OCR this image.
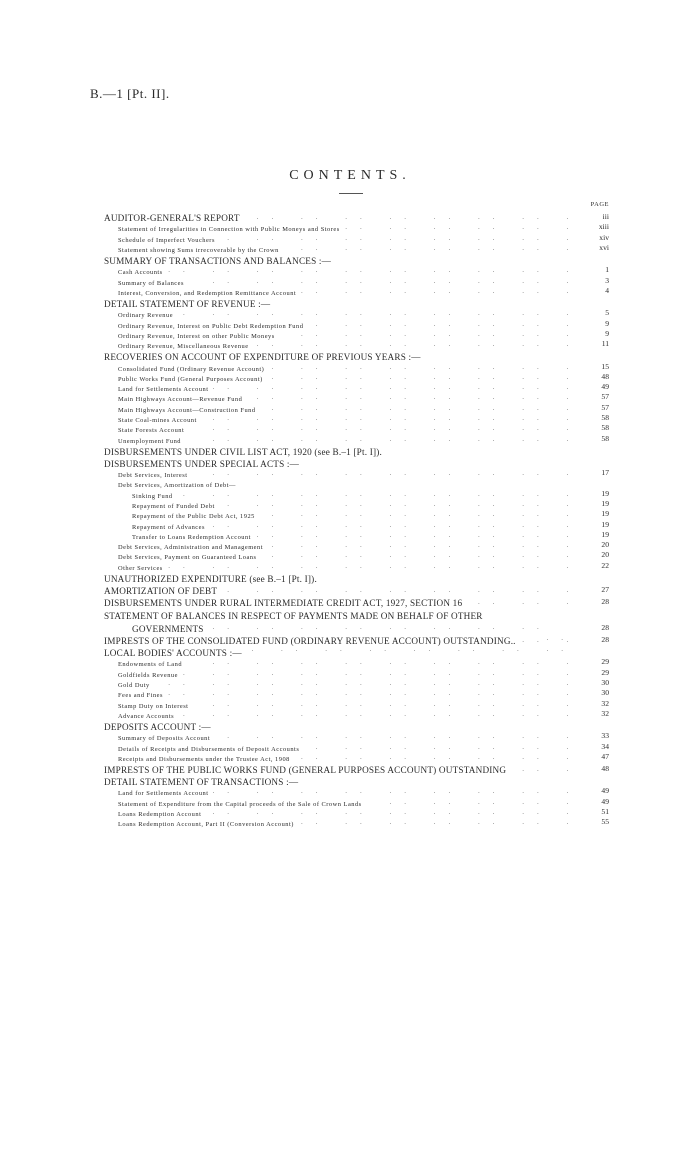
B.—1 [Pt. II].
CONTENTS.
PAGE
.. ..
AUDITOR-GENERAL'S REPORT	iii
.. ..
Statement of Irregularities in Connection with Public Moneys and Stores	xiii
.. ..
Schedule of Imperfect Vouchers	xiv
.. ..
Statement showing Sums irrecoverable by the Crown	xvi
SUMMARY OF TRANSACTIONS AND BALANCES :—
.. ..
Cash Accounts	1
.. ..
Summary of Balances	3
.. ..
Interest, Conversion, and Redemption Remittance Account	4
DETAIL STATEMENT OF REVENUE :—
.. ..
Ordinary Revenue	5
.. ..
Ordinary Revenue, Interest on Public Debt Redemption Fund	9
.. ..
Ordinary Revenue, Interest on other Public Moneys	9
.. ..
Ordinary Revenue, Miscellaneous Revenue	11
RECOVERIES ON ACCOUNT OF EXPENDITURE OF PREVIOUS YEARS :—
.. ..
Consolidated Fund (Ordinary Revenue Account)	15
.. ..
Public Works Fund (General Purposes Account)	48
.. ..
Land for Settlements Account	49
.. ..
Main Highways Account—Revenue Fund	57
.. ..
Main Highways Account—Construction Fund	57
.. ..
State Coal-mines Account	58
.. ..
State Forests Account	58
.. ..
Unemployment Fund	58
DISBURSEMENTS UNDER CIVIL LIST ACT, 1920 (see B.–1 [Pt. I]).
DISBURSEMENTS UNDER SPECIAL ACTS :—
.. ..
Debt Services, Interest	17
Debt Services, Amortization of Debt—
.. ..
Sinking Fund	19
.. ..
Repayment of Funded Debt	19
.. ..
Repayment of the Public Debt Act, 1925	19
.. ..
Repayment of Advances	19
.. ..
Transfer to Loans Redemption Account	19
.. ..
Debt Services, Administration and Management	20
.. ..
Debt Services, Payment on Guaranteed Loans	20
.. ..
Other Services	22
UNAUTHORIZED EXPENDITURE (see B.–1 [Pt. I]).
.. ..
AMORTIZATION OF DEBT	27
.. ..
DISBURSEMENTS UNDER RURAL INTERMEDIATE CREDIT ACT, 1927, SECTION 16	28
STATEMENT OF BALANCES IN RESPECT OF PAYMENTS MADE ON BEHALF OF OTHER
.. ..
GOVERNMENTS	28
.. ..
IMPRESTS OF THE CONSOLIDATED FUND (ORDINARY REVENUE ACCOUNT) OUTSTANDING..	28
LOCAL BODIES' ACCOUNTS :—
.. ..
Endowments of Land	29
.. ..
Goldfields Revenue	29
.. ..
Gold Duty	30
.. ..
Fees and Fines	30
.. ..
Stamp Duty on Interest	32
.. ..
Advance Accounts	32
DEPOSITS ACCOUNT :—
.. ..
Summary of Deposits Account	33
.. ..
Details of Receipts and Disbursements of Deposit Accounts	34
.. ..
Receipts and Disbursements under the Trustee Act, 1908	47
.. ..
IMPRESTS OF THE PUBLIC WORKS FUND (GENERAL PURPOSES ACCOUNT) OUTSTANDING	48
DETAIL STATEMENT OF TRANSACTIONS :—
.. ..
Land for Settlements Account	49
.. ..
Statement of Expenditure from the Capital proceeds of the Sale of Crown Lands	49
.. ..
Loans Redemption Account	51
.. ..
Loans Redemption Account, Part II (Conversion Account)	55
